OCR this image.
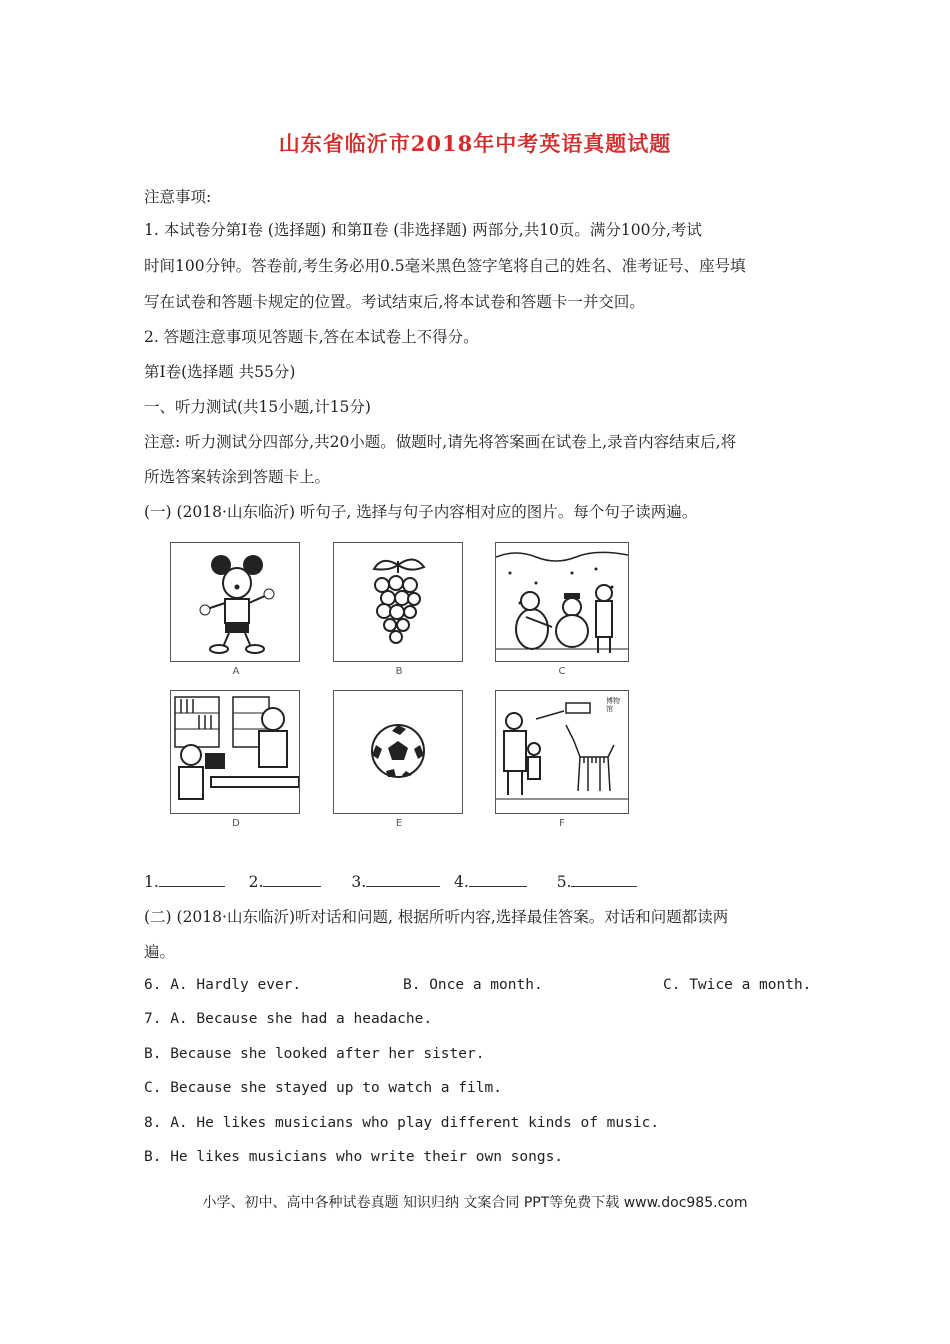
山东省临沂市2018年中考英语真题试题
注意事项:
1. 本试卷分第Ⅰ卷 (选择题) 和第Ⅱ卷 (非选择题) 两部分,共10页。满分100分,考试
时间100分钟。答卷前,考生务必用0.5毫米黑色签字笔将自己的姓名、准考证号、座号填
写在试卷和答题卡规定的位置。考试结束后,将本试卷和答题卡一并交回。
2. 答题注意事项见答题卡,答在本试卷上不得分。
第Ⅰ卷(选择题 共55分)
一、听力测试(共15小题,计15分)
注意: 听力测试分四部分,共20小题。做题时,请先将答案画在试卷上,录音内容结束后,将
所选答案转涂到答题卡上。
(一) (2018·山东临沂) 听句子, 选择与句子内容相对应的图片。每个句子读两遍。
A	B	C
D	E
博物馆
F
1.	2.	3.	4.	5.
(二) (2018·山东临沂)听对话和问题, 根据所听内容,选择最佳答案。对话和问题都读两
遍。
6. A. Hardly ever.	B. Once a month.	C. Twice a month.
7. A. Because she had a headache.
B. Because she looked after her sister.
C. Because she stayed up to watch a film.
8. A. He likes musicians who play different kinds of music.
B. He likes musicians who write their own songs.
小学、初中、高中各种试卷真题 知识归纳 文案合同 PPT等免费下载 www.doc985.com
